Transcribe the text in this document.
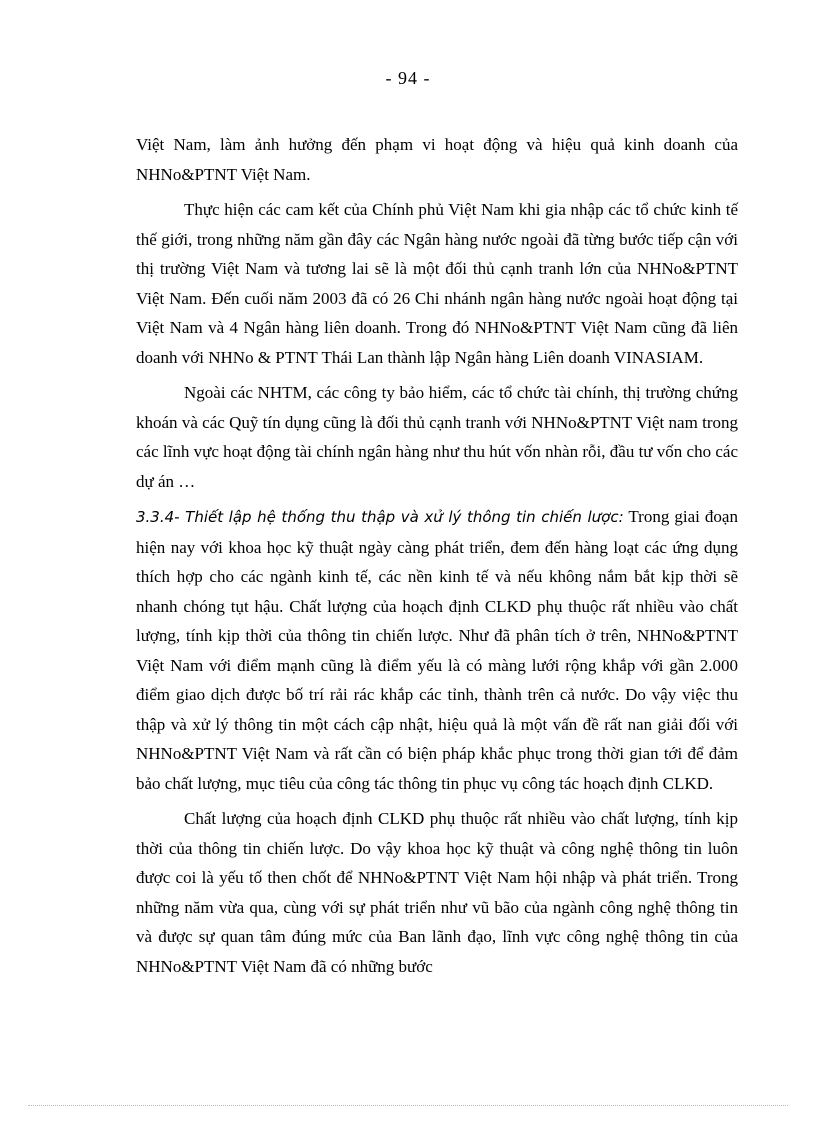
- 94 -

Việt Nam, làm ảnh hưởng đến phạm vi hoạt động và hiệu quả kinh doanh của NHNo&PTNT Việt Nam.

Thực hiện các cam kết của Chính phủ Việt Nam khi gia nhập các tổ chức kinh tế thế giới, trong những năm gần đây các Ngân hàng nước ngoài đã từng bước tiếp cận với thị trường Việt Nam và tương lai sẽ là một đối thủ cạnh tranh lớn của NHNo&PTNT Việt Nam. Đến cuối năm 2003 đã có 26 Chi nhánh ngân hàng nước ngoài hoạt động tại Việt Nam và 4 Ngân hàng liên doanh. Trong đó NHNo&PTNT Việt Nam cũng đã liên doanh với NHNo & PTNT Thái Lan thành lập Ngân hàng Liên doanh VINASIAM.

Ngoài các NHTM, các công ty bảo hiểm, các tổ chức tài chính, thị trường chứng khoán và các Quỹ tín dụng cũng là đối thủ cạnh tranh với NHNo&PTNT Việt nam trong các lĩnh vực hoạt động tài chính ngân hàng như thu hút vốn nhàn rỗi, đầu tư vốn cho các dự án …

3.3.4- Thiết lập hệ thống thu thập và xử lý thông tin chiến lược: Trong giai đoạn hiện nay với khoa học kỹ thuật ngày càng phát triển, đem đến hàng loạt các ứng dụng thích hợp cho các ngành kinh tế, các nền kinh tế và nếu không nắm bắt kịp thời sẽ nhanh chóng tụt hậu. Chất lượng của hoạch định CLKD phụ thuộc rất nhiều vào chất lượng, tính kịp thời của thông tin chiến lược. Như đã phân tích ở trên, NHNo&PTNT Việt Nam với điểm mạnh cũng là điểm yếu là có màng lưới rộng khắp với gần 2.000 điểm giao dịch được bố trí rải rác khắp các tỉnh, thành trên cả nước. Do vậy việc thu thập và xử lý thông tin một cách cập nhật, hiệu quả là một vấn đề rất nan giải đối với NHNo&PTNT Việt Nam và rất cần có biện pháp khắc phục trong thời gian tới để đảm bảo chất lượng, mục tiêu của công tác thông tin phục vụ công tác hoạch định CLKD.

Chất lượng của hoạch định CLKD phụ thuộc rất nhiều vào chất lượng, tính kịp thời của thông tin chiến lược. Do vậy khoa học kỹ thuật và công nghệ thông tin luôn được coi là yếu tố then chốt để NHNo&PTNT Việt Nam hội nhập và phát triển. Trong những năm vừa qua, cùng với sự phát triển như vũ bão của ngành công nghệ thông tin và được sự quan tâm đúng mức của Ban lãnh đạo, lĩnh vực công nghệ thông tin của NHNo&PTNT Việt Nam đã có những bước
